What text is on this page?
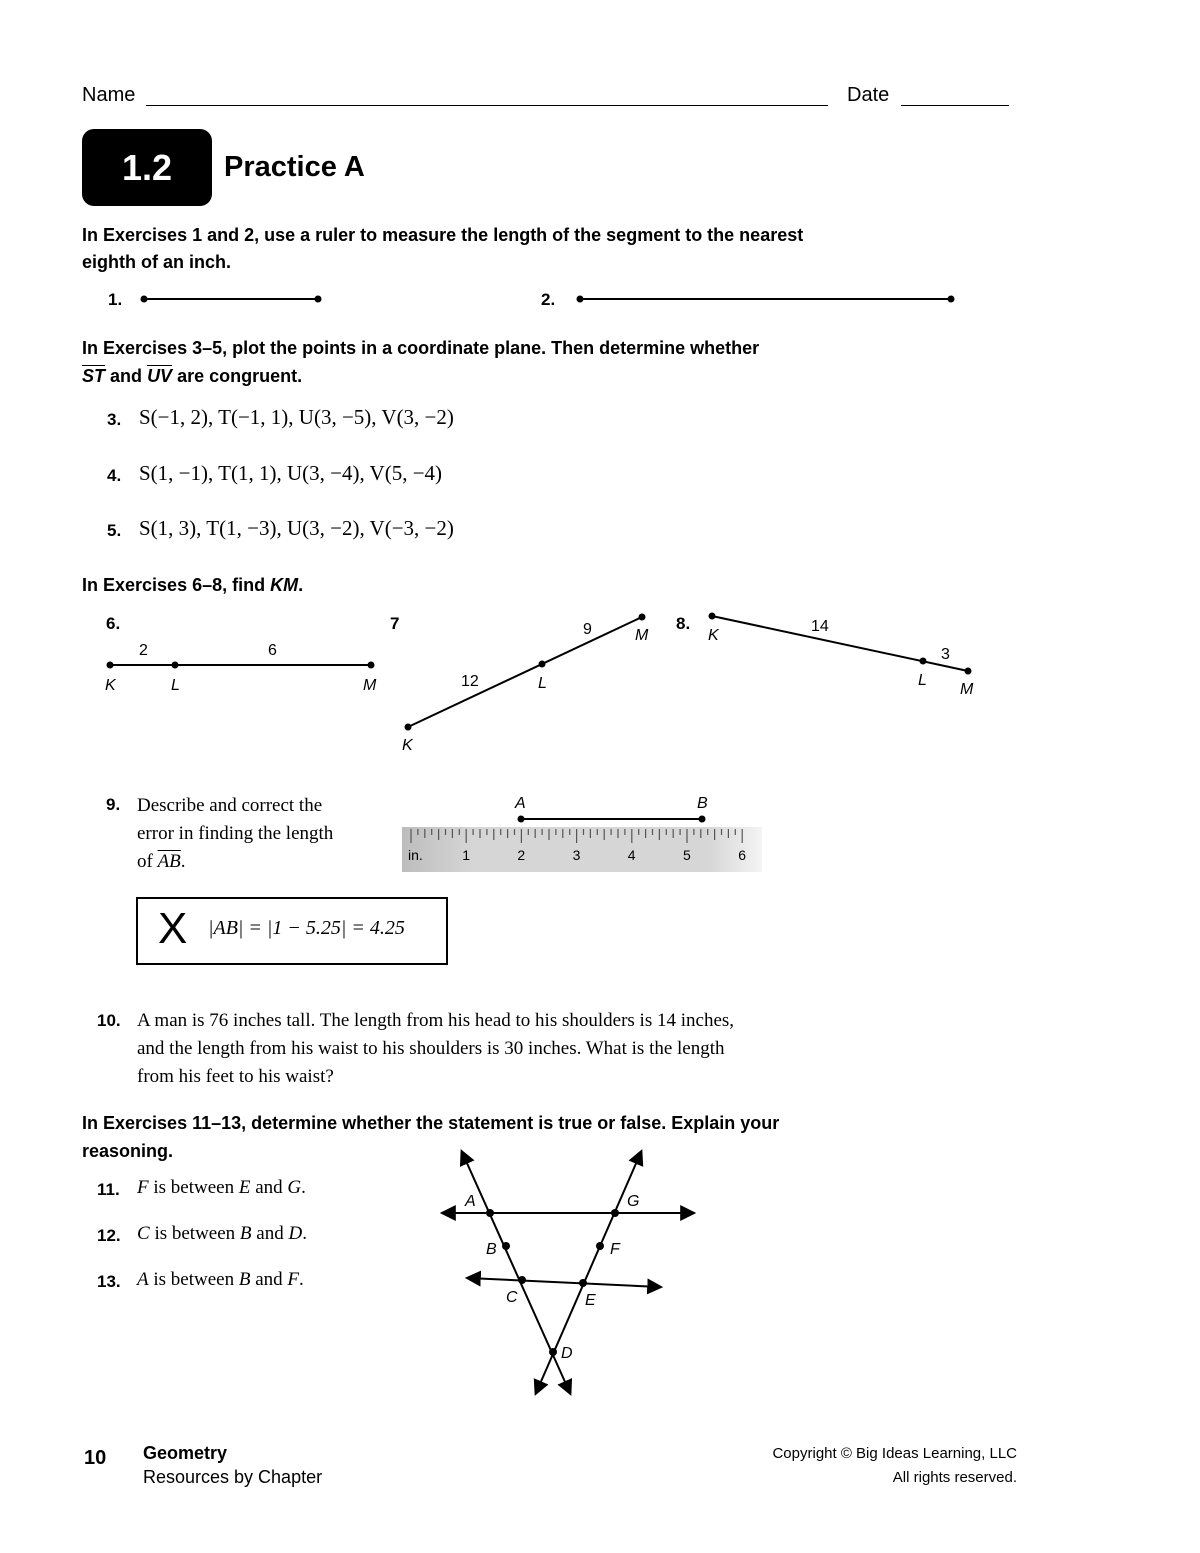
Name	Date
1.2 Practice A
In Exercises 1 and 2, use a ruler to measure the length of the segment to the nearest eighth of an inch.
1.	2.
In Exercises 3–5, plot the points in a coordinate plane. Then determine whether
$\overline{ST}$ and $\overline{UV}$ are congruent.
3. S(−1, 2), T(−1, 1), U(3, −5), V(3, −2)
4. S(1, −1), T(1, 1), U(3, −4), V(5, −4)
5. S(1, 3), T(1, −3), U(3, −2), V(−3, −2)
In Exercises 6–8, find KM.
6.
2	6
K	L	M
7
12
9
K
L
M
8.	14
3
K
L
M
9. Describe and correct the
error in finding the length
of $\overline{AB}$.
A	B
in.	1	2	3	4	5	6
X |AB| = |1 − 5.25| = 4.25
10. A man is 76 inches tall. The length from his head to his shoulders is 14 inches,
and the length from his waist to his shoulders is 30 inches. What is the length
from his feet to his waist?
In Exercises 11–13, determine whether the statement is true or false. Explain your reasoning.
11. F is between E and G.
12. C is between B and D.
13. A is between B and F.
A
B
C
D
E
F
G
10 Geometry
Resources by Chapter
Copyright © Big Ideas Learning, LLC
All rights reserved.
